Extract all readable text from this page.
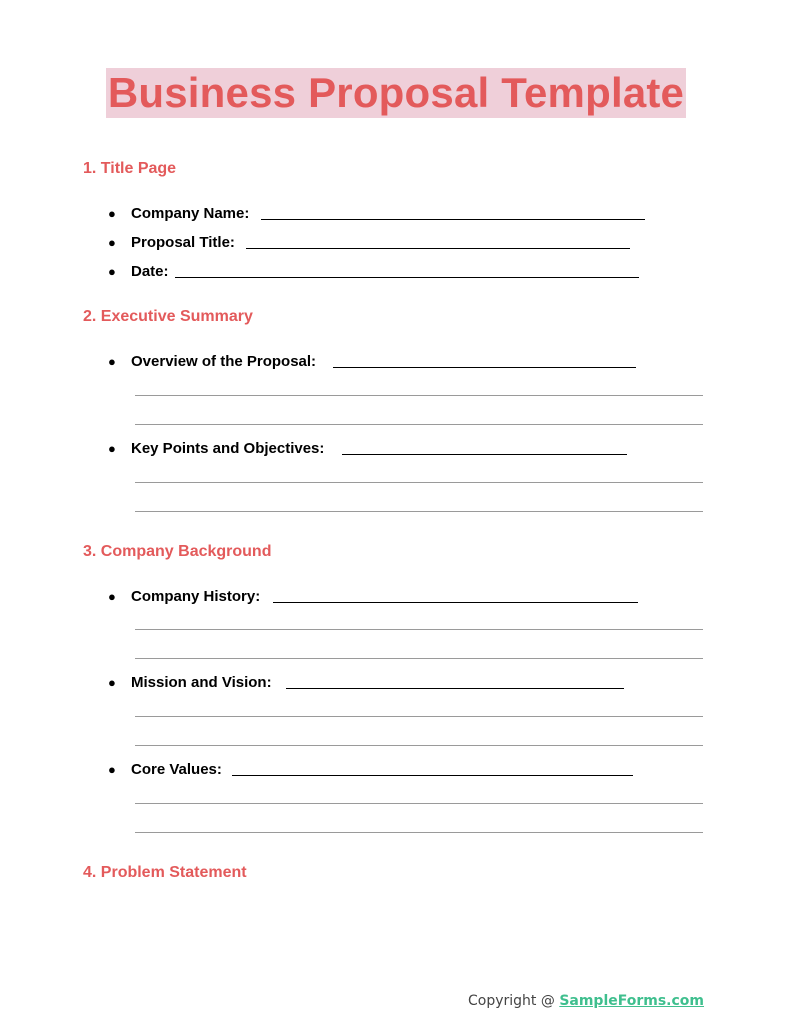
Business Proposal Template
1. Title Page
● Company Name:
● Proposal Title:
● Date:
2. Executive Summary
● Overview of the Proposal:
● Key Points and Objectives:
3. Company Background
● Company History:
● Mission and Vision:
● Core Values:
4. Problem Statement
Copyright @ SampleForms.com
